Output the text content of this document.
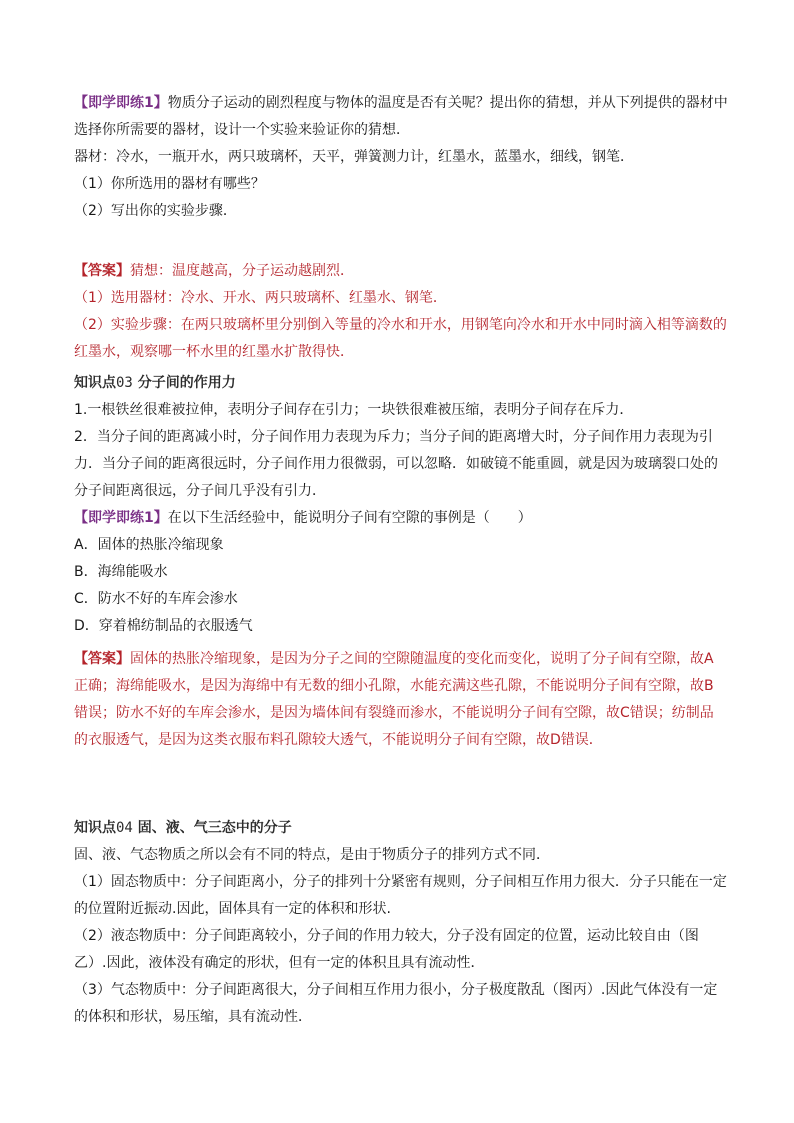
【即学即练1】物质分子运动的剧烈程度与物体的温度是否有关呢？提出你的猜想，并从下列提供的器材中
选择你所需要的器材，设计一个实验来验证你的猜想．
器材：冷水，一瓶开水，两只玻璃杯，天平，弹簧测力计，红墨水，蓝墨水，细线，钢笔．
（1）你所选用的器材有哪些？
（2）写出你的实验步骤．
【答案】猜想：温度越高，分子运动越剧烈．
（1）选用器材：冷水、开水、两只玻璃杯、红墨水、钢笔．
（2）实验步骤：在两只玻璃杯里分别倒入等量的冷水和开水，用钢笔向冷水和开水中同时滴入相等滴数的
红墨水，观察哪一杯水里的红墨水扩散得快．
知识点03 分子间的作用力
1.一根铁丝很难被拉伸，表明分子间存在引力；一块铁很难被压缩，表明分子间存在斥力．
2．当分子间的距离减小时，分子间作用力表现为斥力；当分子间的距离增大时，分子间作用力表现为引
力．当分子间的距离很远时，分子间作用力很微弱，可以忽略．如破镜不能重圆，就是因为玻璃裂口处的
分子间距离很远，分子间几乎没有引力．
【即学即练1】在以下生活经验中，能说明分子间有空隙的事例是（　　）
A．固体的热胀冷缩现象
B．海绵能吸水
C．防水不好的车库会渗水
D．穿着棉纺制品的衣服透气
【答案】固体的热胀冷缩现象，是因为分子之间的空隙随温度的变化而变化，说明了分子间有空隙，故A
正确；海绵能吸水，是因为海绵中有无数的细小孔隙，水能充满这些孔隙，不能说明分子间有空隙，故B
错误；防水不好的车库会渗水，是因为墙体间有裂缝而渗水，不能说明分子间有空隙，故C错误；纺制品
的衣服透气，是因为这类衣服布料孔隙较大透气，不能说明分子间有空隙，故D错误．
知识点04 固、液、气三态中的分子
固、液、气态物质之所以会有不同的特点，是由于物质分子的排列方式不同．
（1）固态物质中：分子间距离小，分子的排列十分紧密有规则，分子间相互作用力很大．分子只能在一定
的位置附近振动.因此，固体具有一定的体积和形状.
（2）液态物质中：分子间距离较小，分子间的作用力较大，分子没有固定的位置，运动比较自由（图
乙）.因此，液体没有确定的形状，但有一定的体积且具有流动性．
（3）气态物质中：分子间距离很大，分子间相互作用力很小，分子极度散乱（图丙）.因此气体没有一定
的体积和形状，易压缩，具有流动性．
